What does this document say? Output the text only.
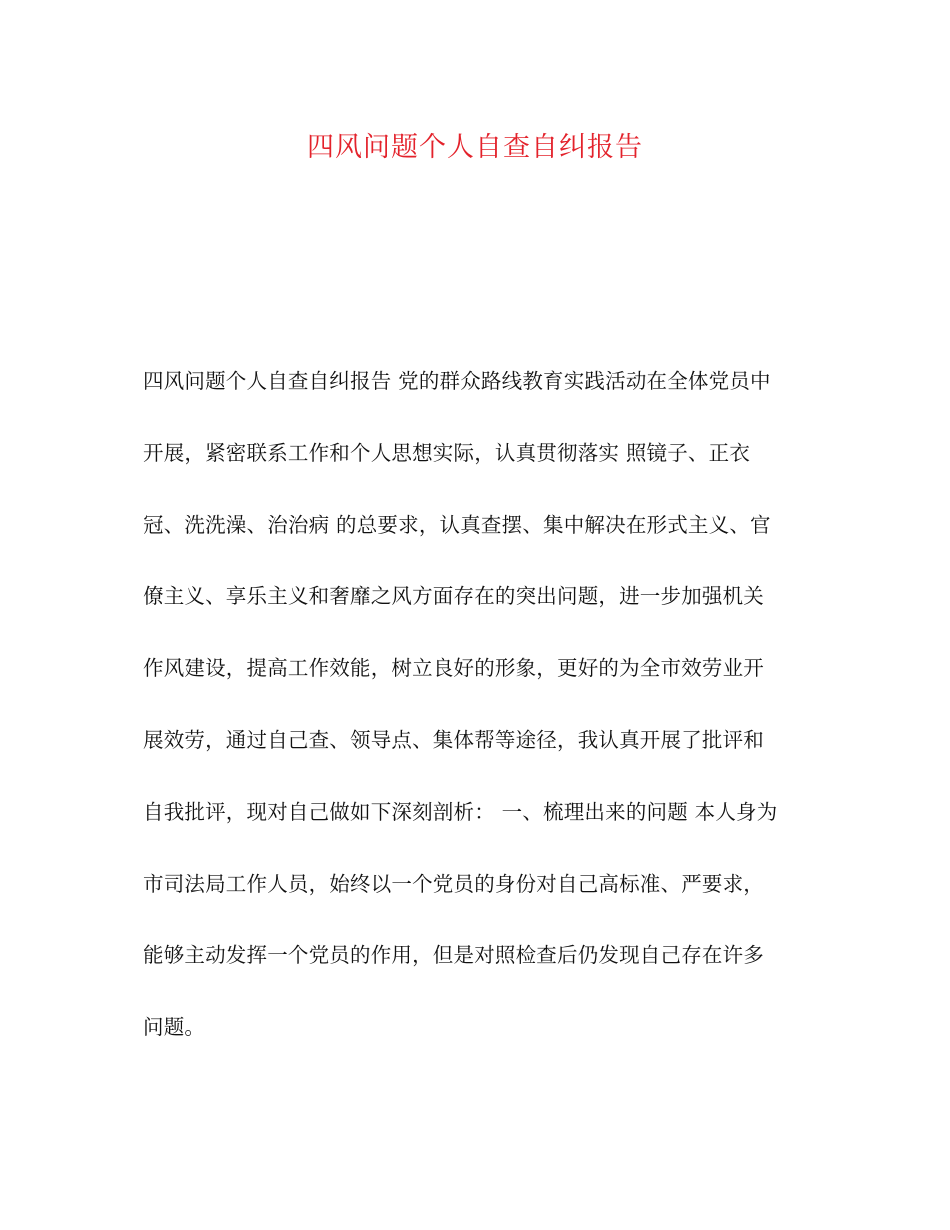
四风问题个人自查自纠报告
四风问题个人自查自纠报告 党的群众路线教育实践活动在全体党员中
开展，紧密联系工作和个人思想实际，认真贯彻落实 照镜子、正衣
冠、洗洗澡、治治病 的总要求，认真查摆、集中解决在形式主义、官
僚主义、享乐主义和奢靡之风方面存在的突出问题，进一步加强机关
作风建设，提高工作效能，树立良好的形象，更好的为全市效劳业开
展效劳，通过自己查、领导点、集体帮等途径，我认真开展了批评和
自我批评，现对自己做如下深刻剖析： 一、梳理出来的问题 本人身为
市司法局工作人员，始终以一个党员的身份对自己高标准、严要求，
能够主动发挥一个党员的作用，但是对照检查后仍发现自己存在许多
问题。
